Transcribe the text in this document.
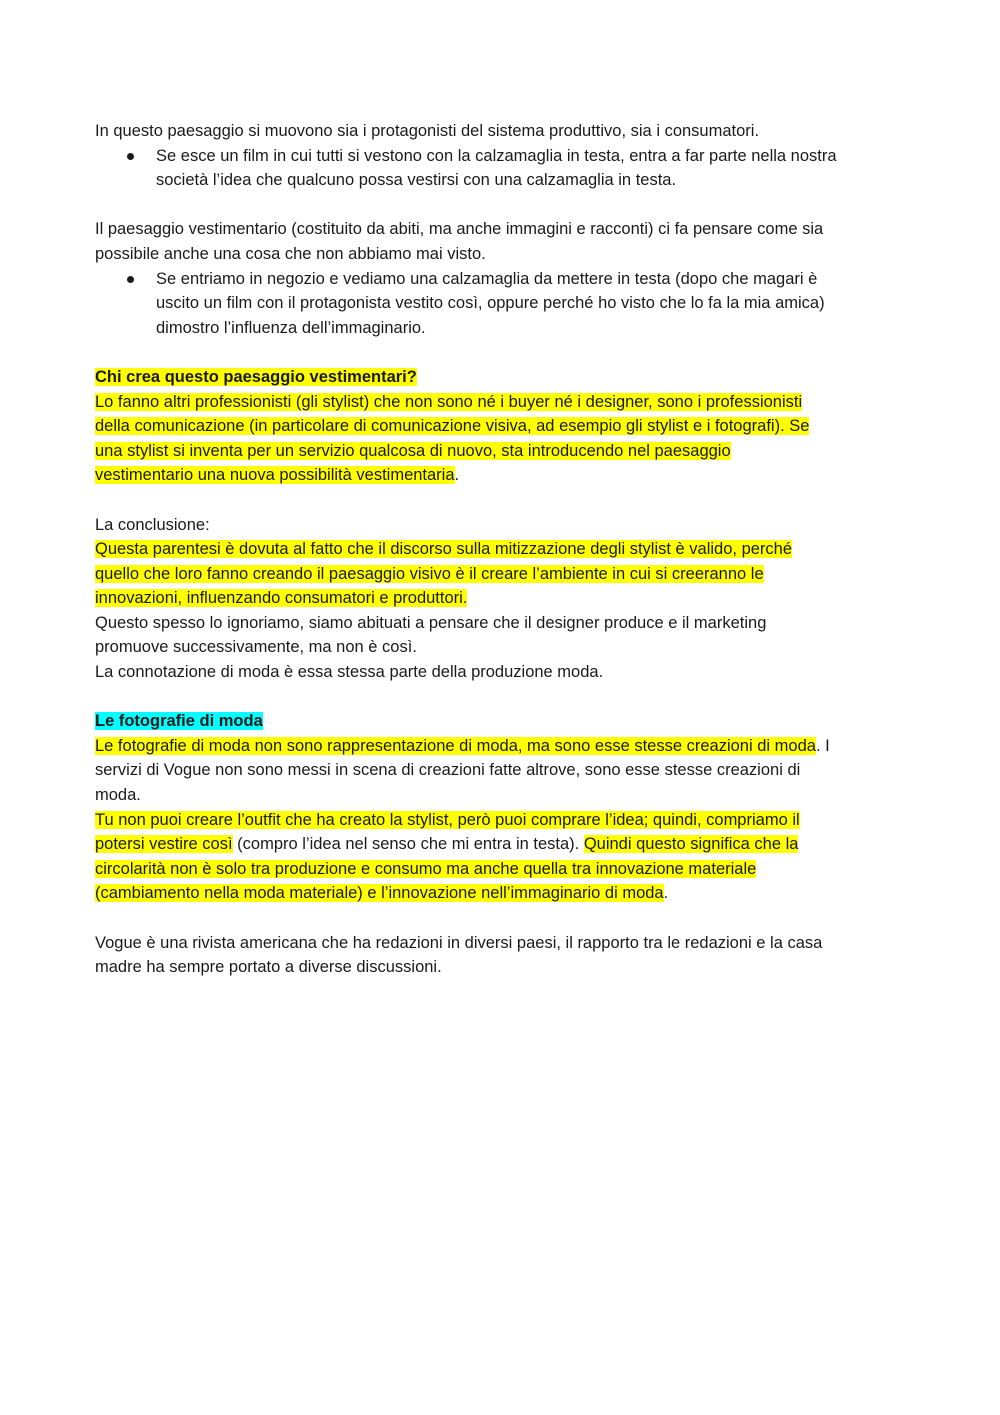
In questo paesaggio si muovono sia i protagonisti del sistema produttivo, sia i consumatori.
Se esce un film in cui tutti si vestono con la calzamaglia in testa, entra a far parte nella nostra
società l’idea che qualcuno possa vestirsi con una calzamaglia in testa.
Il paesaggio vestimentario (costituito da abiti, ma anche immagini e racconti) ci fa pensare come sia
possibile anche una cosa che non abbiamo mai visto.
Se entriamo in negozio e vediamo una calzamaglia da mettere in testa (dopo che magari è
uscito un film con il protagonista vestito così, oppure perché ho visto che lo fa la mia amica)
dimostro l’influenza dell’immaginario.
Chi crea questo paesaggio vestimentari?
Lo fanno altri professionisti (gli stylist) che non sono né i buyer né i designer, sono i professionisti
della comunicazione (in particolare di comunicazione visiva, ad esempio gli stylist e i fotografi). Se
una stylist si inventa per un servizio qualcosa di nuovo, sta introducendo nel paesaggio
vestimentario una nuova possibilità vestimentaria.
La conclusione:
Questa parentesi è dovuta al fatto che il discorso sulla mitizzazione degli stylist è valido, perché
quello che loro fanno creando il paesaggio visivo è il creare l’ambiente in cui si creeranno le
innovazioni, influenzando consumatori e produttori.
Questo spesso lo ignoriamo, siamo abituati a pensare che il designer produce e il marketing
promuove successivamente, ma non è così.
La connotazione di moda è essa stessa parte della produzione moda.
Le fotografie di moda
Le fotografie di moda non sono rappresentazione di moda, ma sono esse stesse creazioni di moda. I
servizi di Vogue non sono messi in scena di creazioni fatte altrove, sono esse stesse creazioni di
moda.
Tu non puoi creare l’outfit che ha creato la stylist, però puoi comprare l’idea; quindi, compriamo il
potersi vestire così (compro l’idea nel senso che mi entra in testa). Quindi questo significa che la
circolarità non è solo tra produzione e consumo ma anche quella tra innovazione materiale
(cambiamento nella moda materiale) e l’innovazione nell’immaginario di moda.
Vogue è una rivista americana che ha redazioni in diversi paesi, il rapporto tra le redazioni e la casa
madre ha sempre portato a diverse discussioni.
